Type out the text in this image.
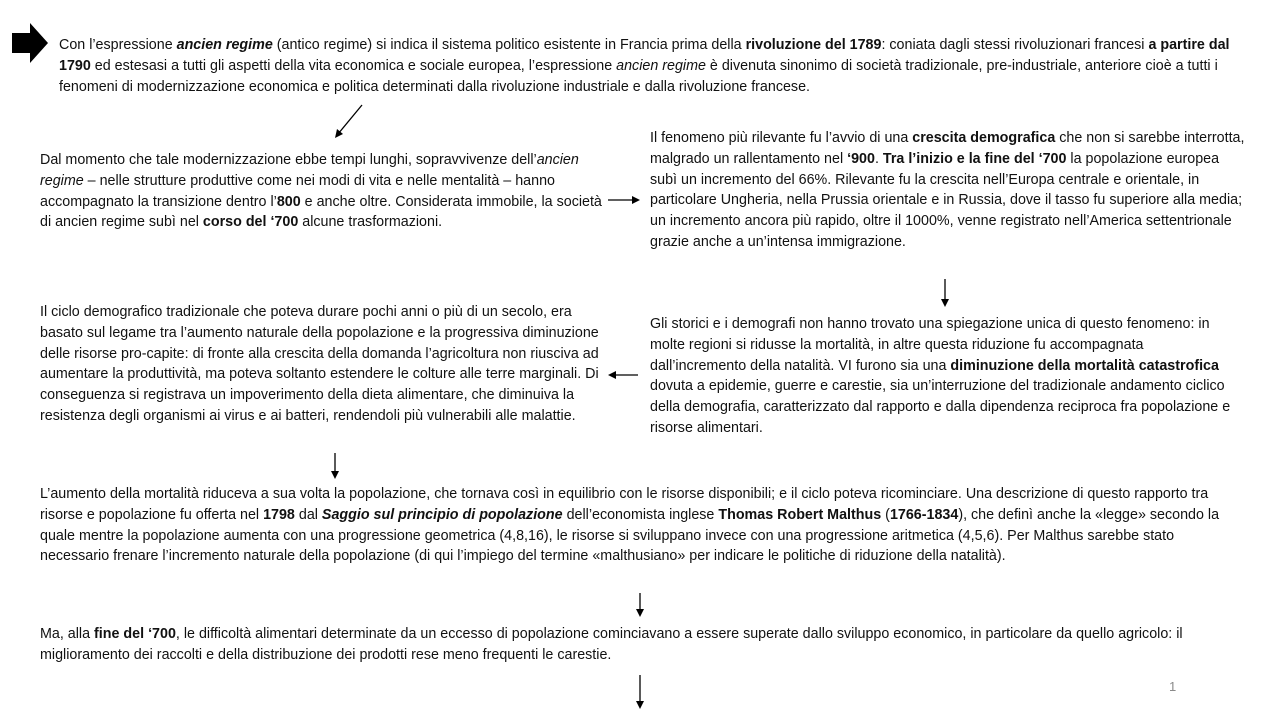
Con l’espressione ancien regime (antico regime) si indica il sistema politico esistente in Francia prima della rivoluzione del 1789: coniata dagli stessi rivoluzionari francesi a partire dal 1790 ed estesasi a tutti gli aspetti della vita economica e sociale europea, l’espressione ancien regime è divenuta sinonimo di società tradizionale, pre-industriale, anteriore cioè a tutti i fenomeni di modernizzazione economica e politica determinati dalla rivoluzione industriale e dalla rivoluzione francese.

Dal momento che tale modernizzazione ebbe tempi lunghi, sopravvivenze dell’ancien regime – nelle strutture produttive come nei modi di vita e nelle mentalità – hanno accompagnato la transizione dentro l’800 e anche oltre. Considerata immobile, la società di ancien regime subì nel corso del ‘700 alcune trasformazioni.

Il fenomeno più rilevante fu l’avvio di una crescita demografica che non si sarebbe interrotta, malgrado un rallentamento nel ‘900. Tra l’inizio e la fine del ‘700 la popolazione europea subì un incremento del 66%. Rilevante fu la crescita nell’Europa centrale e orientale, in particolare Ungheria, nella Prussia orientale e in Russia, dove il tasso fu superiore alla media; un incremento ancora più rapido, oltre il 1000%, venne registrato nell’America settentrionale grazie anche a un’intensa immigrazione.

Gli storici e i demografi non hanno trovato una spiegazione unica di questo fenomeno: in molte regioni si ridusse la mortalità, in altre questa riduzione fu accompagnata dall’incremento della natalità. VI furono sia una diminuzione della mortalità catastrofica dovuta a epidemie, guerre e carestie, sia un’interruzione del tradizionale andamento ciclico della demografia, caratterizzato dal rapporto e dalla dipendenza reciproca fra popolazione e risorse alimentari.

Il ciclo demografico tradizionale che poteva durare pochi anni o più di un secolo, era basato sul legame tra l’aumento naturale della popolazione e la progressiva diminuzione delle risorse pro-capite: di fronte alla crescita della domanda l’agricoltura non riusciva ad aumentare la produttività, ma poteva soltanto estendere le colture alle terre marginali. Di conseguenza si registrava un impoverimento della dieta alimentare, che diminuiva la resistenza degli organismi ai virus e ai batteri, rendendoli più vulnerabili alle malattie.

L’aumento della mortalità riduceva a sua volta la popolazione, che tornava così in equilibrio con le risorse disponibili; e il ciclo poteva ricominciare. Una descrizione di questo rapporto tra risorse e popolazione fu offerta nel 1798 dal Saggio sul principio di popolazione dell’economista inglese Thomas Robert Malthus (1766-1834), che definì anche la «legge» secondo la quale mentre la popolazione aumenta con una progressione geometrica (4,8,16), le risorse si sviluppano invece con una progressione aritmetica (4,5,6). Per Malthus sarebbe stato necessario frenare l’incremento naturale della popolazione (di qui l’impiego del termine «malthusiano» per indicare le politiche di riduzione della natalità).

Ma, alla fine del ‘700, le difficoltà alimentari determinate da un eccesso di popolazione cominciavano a essere superate dallo sviluppo economico, in particolare da quello agricolo: il miglioramento dei raccolti e della distribuzione dei prodotti rese meno frequenti le carestie.

1
